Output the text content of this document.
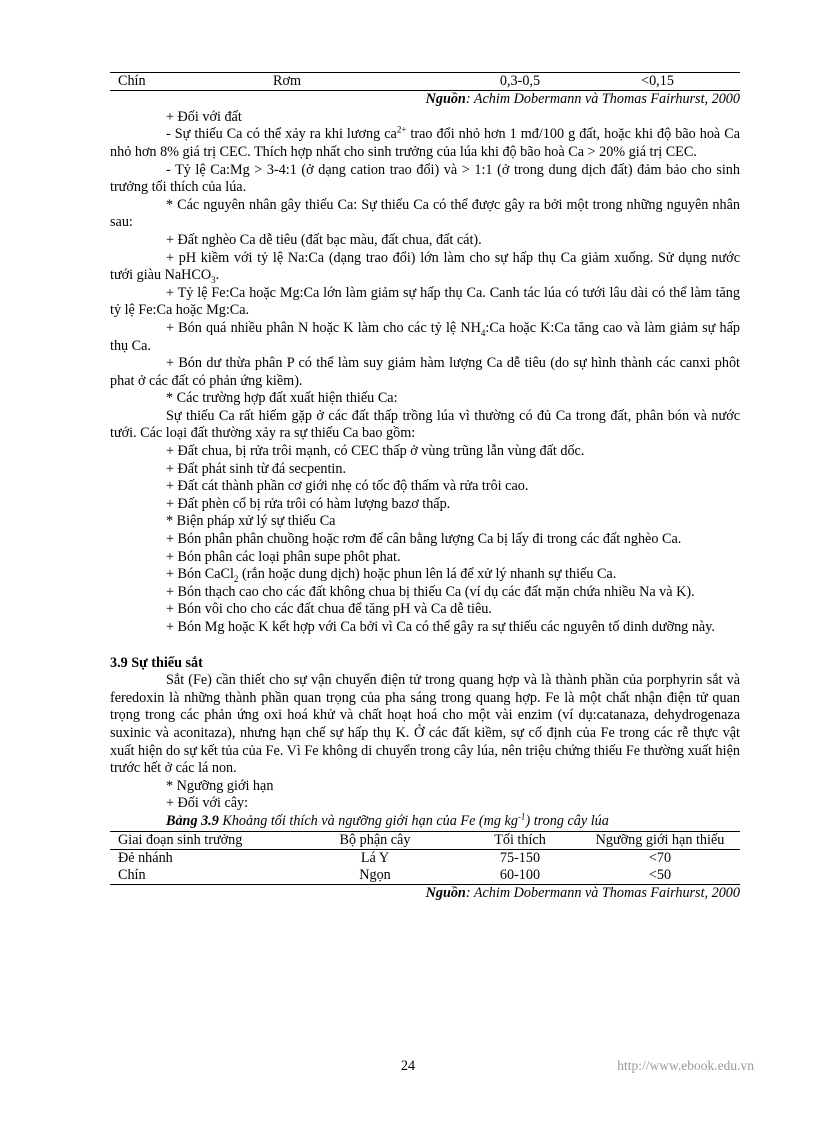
Chín	Rơm	0,3-0,5	<0,15

Nguồn: Achim Dobermann và Thomas Fairhurst, 2000

+ Đối với đất

- Sự thiếu Ca có thể xảy ra khi lương $ca^{2+}$ trao đổi nhỏ hơn 1 mđ/100 g đất, hoặc khi độ bão hoà Ca nhỏ hơn 8% giá trị CEC. Thích hợp nhất cho sinh trưởng của lúa khi độ bão hoà Ca > 20% giá trị CEC.

- Tỷ lệ Ca:Mg > 3-4:1 (ở dạng cation trao đổi) và > 1:1 (ở trong dung dịch đất) đảm bảo cho sinh trưởng tối thích của lúa.

* Các nguyên nhân gây thiếu Ca: Sự thiếu Ca có thể được gây ra bởi một trong những nguyên nhân sau:

+ Đất nghèo Ca dễ tiêu (đất bạc màu, đất chua, đất cát).

+ pH kiềm với tỷ lệ Na:Ca (dạng trao đổi) lớn làm cho sự hấp thụ Ca giảm xuống. Sử dụng nước tưới giàu NaHCO$_3$.

+ Tỷ lệ Fe:Ca hoặc Mg:Ca lớn làm giảm sự hấp thụ Ca. Canh tác lúa có tưới lâu dài có thể làm tăng tỷ lệ Fe:Ca hoặc Mg:Ca.

+ Bón quá nhiều phân N hoặc K làm cho các tỷ lệ $NH_4:Ca$ hoặc K:Ca tăng cao và làm giảm sự hấp thụ Ca.

+ Bón dư thừa phân P có thể làm suy giảm hàm lượng Ca dễ tiêu (do sự hình thành các canxi phôt phat ở các đất có phản ứng kiềm).

* Các trường hợp đất xuất hiện thiếu Ca:

Sự thiếu Ca rất hiếm gặp ở các đất thấp trồng lúa vì thường có đủ Ca trong đất, phân bón và nước tưới. Các loại đất thường xảy ra sự thiếu Ca bao gồm:

+ Đất chua, bị rửa trôi mạnh, có CEC thấp ở vùng trũng lẫn vùng đất dốc.

+ Đất phát sinh từ đá secpentin.

+ Đất cát thành phần cơ giới nhẹ có tốc độ thấm và rửa trôi cao.

+ Đất phèn cổ bị rửa trôi có hàm lượng bazơ thấp.

* Biện pháp xử lý sự thiếu Ca

+ Bón phân phân chuồng hoặc rơm để cân bằng lượng Ca bị lấy đi trong các đất nghèo Ca.

+ Bón phân các loại phân supe phôt phat.

+ Bón CaCl$_2$ (rắn hoặc dung dịch) hoặc phun lên lá để xử lý nhanh sự thiếu Ca.

+ Bón thạch cao cho các đất không chua bị thiếu Ca (ví dụ các đất mặn chứa nhiều Na và K).

+ Bón vôi cho cho các đất chua để tăng pH và Ca dễ tiêu.

+ Bón Mg hoặc K kết hợp với Ca bởi vì Ca có thể gây ra sự thiếu các nguyên tố dinh dưỡng này.

3.9 Sự thiếu sắt

Sắt (Fe) cần thiết cho sự vận chuyển điện tử trong quang hợp và là thành phần của porphyrin sắt và feredoxin là những thành phần quan trọng của pha sáng trong quang hợp. Fe là một chất nhận điện tử quan trọng trong các phản ứng oxi hoá khử và chất hoạt hoá cho một vài enzim (ví dụ:catanaza, dehydrogenaza suxinic và aconitaza), nhưng hạn chế sự hấp thụ K. Ở các đất kiềm, sự cố định của Fe trong các rễ thực vật xuất hiện do sự kết tủa của Fe. Vì Fe không di chuyển trong cây lúa, nên triệu chứng thiếu Fe thường xuất hiện trước hết ở các lá non.

* Ngưỡng giới hạn

+ Đối với cây:

Bảng 3.9 Khoảng tối thích và ngưỡng giới hạn của Fe (mg $kg^{-1}$) trong cây lúa

Giai đoạn sinh trưởng	Bộ phận cây	Tối thích	Ngưỡng giới hạn thiếu
Đẻ nhánh	Lá Y	75-150	<70
Chín	Ngọn	60-100	<50

Nguồn: Achim Dobermann và Thomas Fairhurst, 2000

24	http://www.ebook.edu.vn
